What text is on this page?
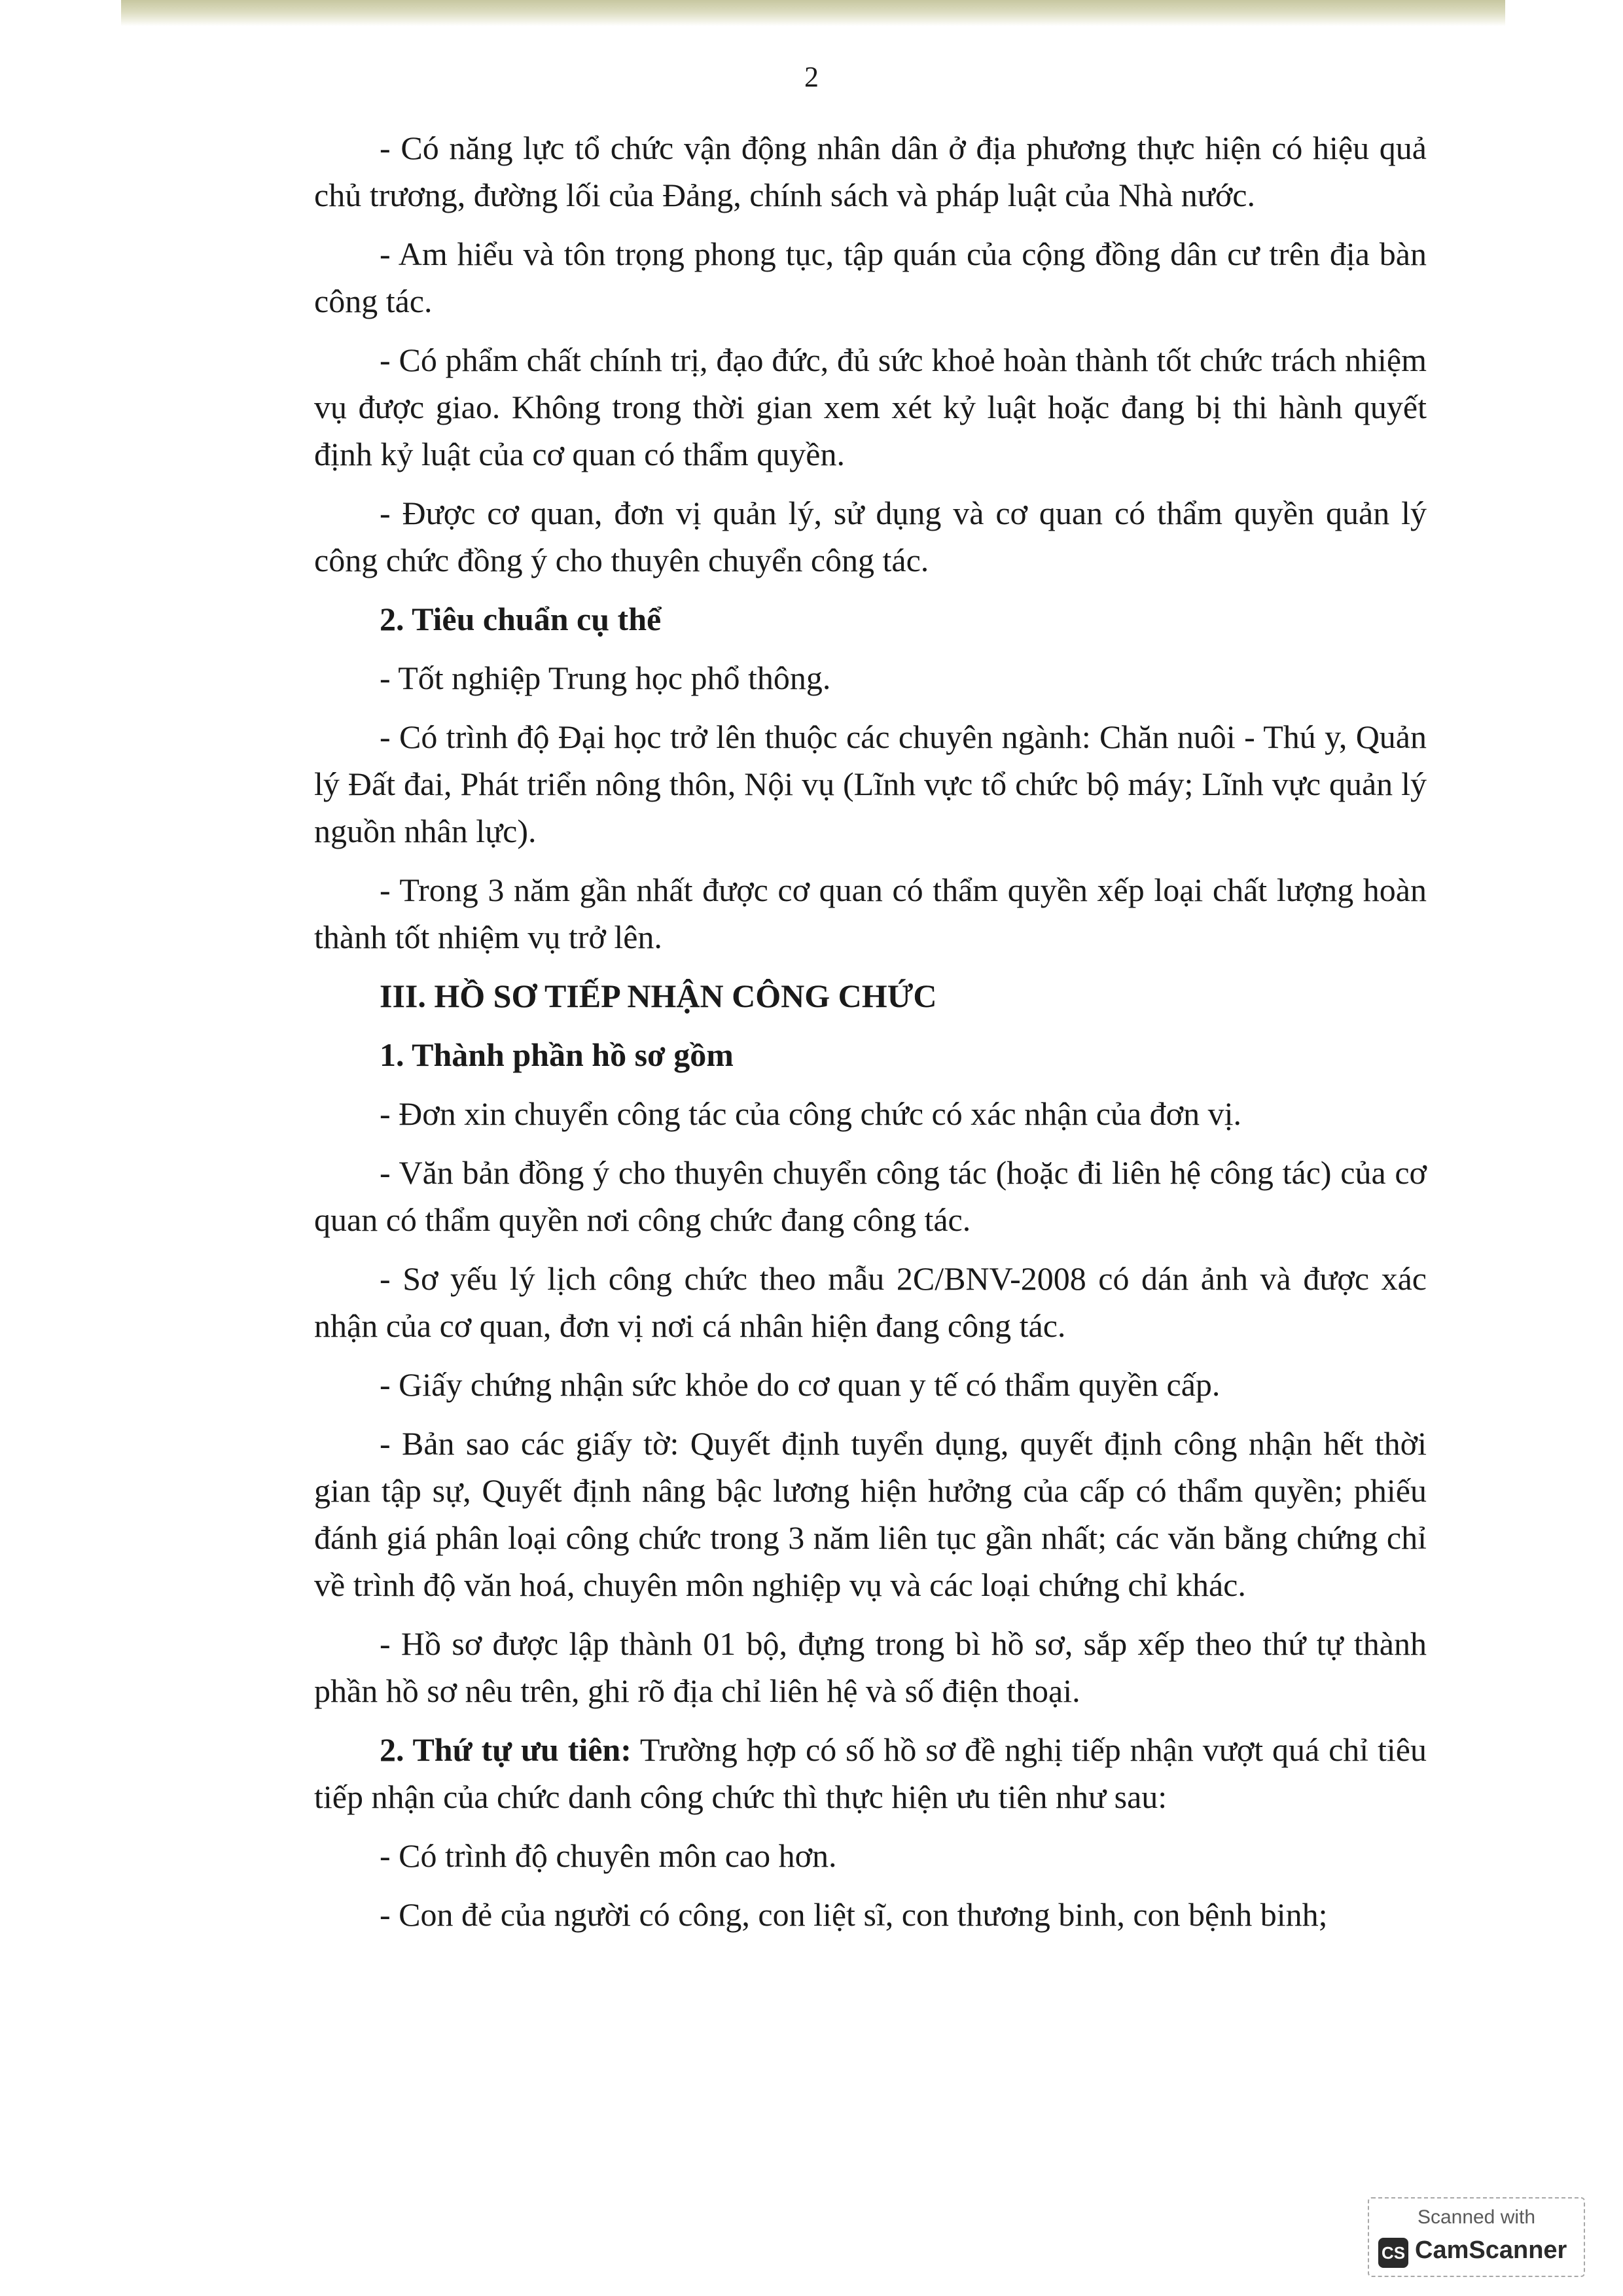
2

- Có năng lực tổ chức vận động nhân dân ở địa phương thực hiện có hiệu quả chủ trương, đường lối của Đảng, chính sách và pháp luật của Nhà nước.

- Am hiểu và tôn trọng phong tục, tập quán của cộng đồng dân cư trên địa bàn công tác.

- Có phẩm chất chính trị, đạo đức, đủ sức khoẻ hoàn thành tốt chức trách nhiệm vụ được giao. Không trong thời gian xem xét kỷ luật hoặc đang bị thi hành quyết định kỷ luật của cơ quan có thẩm quyền.

- Được cơ quan, đơn vị quản lý, sử dụng và cơ quan có thẩm quyền quản lý công chức đồng ý cho thuyên chuyển công tác.

2. Tiêu chuẩn cụ thể

- Tốt nghiệp Trung học phổ thông.

- Có trình độ Đại học trở lên thuộc các chuyên ngành: Chăn nuôi - Thú y, Quản lý Đất đai, Phát triển nông thôn, Nội vụ (Lĩnh vực tổ chức bộ máy; Lĩnh vực quản lý nguồn nhân lực).

- Trong 3 năm gần nhất được cơ quan có thẩm quyền xếp loại chất lượng hoàn thành tốt nhiệm vụ trở lên.

III. HỒ SƠ TIẾP NHẬN CÔNG CHỨC

1. Thành phần hồ sơ gồm

- Đơn xin chuyển công tác của công chức có xác nhận của đơn vị.

- Văn bản đồng ý cho thuyên chuyển công tác (hoặc đi liên hệ công tác) của cơ quan có thẩm quyền nơi công chức đang công tác.

- Sơ yếu lý lịch công chức theo mẫu 2C/BNV-2008 có dán ảnh và được xác nhận của cơ quan, đơn vị nơi cá nhân hiện đang công tác.

- Giấy chứng nhận sức khỏe do cơ quan y tế có thẩm quyền cấp.

- Bản sao các giấy tờ: Quyết định tuyển dụng, quyết định công nhận hết thời gian tập sự, Quyết định nâng bậc lương hiện hưởng của cấp có thẩm quyền; phiếu đánh giá phân loại công chức trong 3 năm liên tục gần nhất; các văn bằng chứng chỉ về trình độ văn hoá, chuyên môn nghiệp vụ và các loại chứng chỉ khác.

- Hồ sơ được lập thành 01 bộ, đựng trong bì hồ sơ, sắp xếp theo thứ tự thành phần hồ sơ nêu trên, ghi rõ địa chỉ liên hệ và số điện thoại.

2. Thứ tự ưu tiên: Trường hợp có số hồ sơ đề nghị tiếp nhận vượt quá chỉ tiêu tiếp nhận của chức danh công chức thì thực hiện ưu tiên như sau:

- Có trình độ chuyên môn cao hơn.

- Con đẻ của người có công, con liệt sĩ, con thương binh, con bệnh binh;

Scanned with
CS CamScanner
